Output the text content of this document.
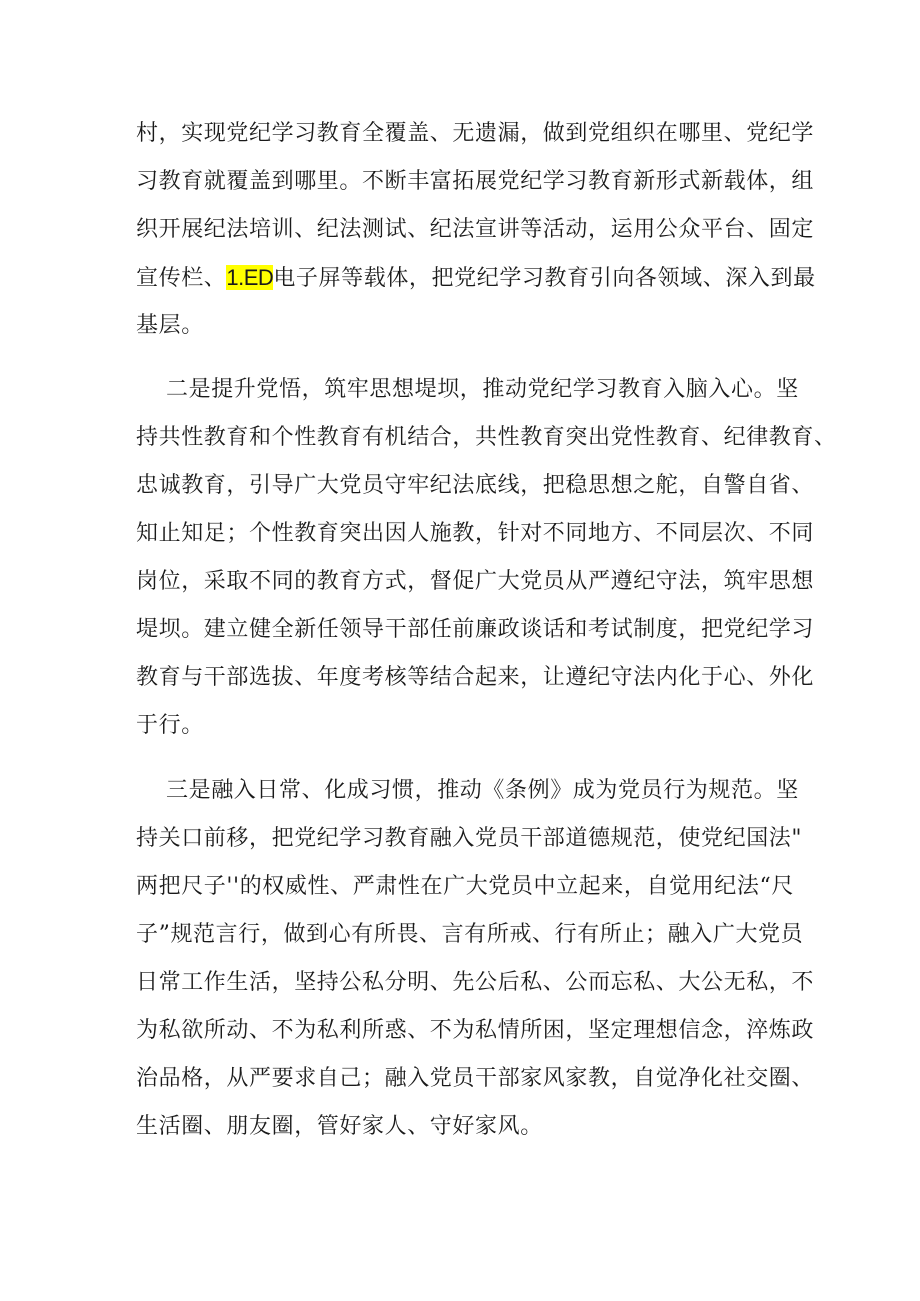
村，实现党纪学习教育全覆盖、无遗漏，做到党组织在哪里、党纪学
习教育就覆盖到哪里。不断丰富拓展党纪学习教育新形式新载体，组
织开展纪法培训、纪法测试、纪法宣讲等活动，运用公众平台、固定
宣传栏、1.ED电子屏等载体，把党纪学习教育引向各领域、深入到最
基层。
二是提升党悟，筑牢思想堤坝，推动党纪学习教育入脑入心。坚
持共性教育和个性教育有机结合，共性教育突出党性教育、纪律教育、
忠诚教育，引导广大党员守牢纪法底线，把稳思想之舵，自警自省、
知止知足；个性教育突出因人施教，针对不同地方、不同层次、不同
岗位，采取不同的教育方式，督促广大党员从严遵纪守法，筑牢思想
堤坝。建立健全新任领导干部任前廉政谈话和考试制度，把党纪学习
教育与干部选拔、年度考核等结合起来，让遵纪守法内化于心、外化
于行。
三是融入日常、化成习惯，推动《条例》成为党员行为规范。坚
持关口前移，把党纪学习教育融入党员干部道德规范，使党纪国法"
两把尺子''的权威性、严肃性在广大党员中立起来，自觉用纪法“尺
子”规范言行，做到心有所畏、言有所戒、行有所止；融入广大党员
日常工作生活，坚持公私分明、先公后私、公而忘私、大公无私，不
为私欲所动、不为私利所惑、不为私情所困，坚定理想信念，淬炼政
治品格，从严要求自己；融入党员干部家风家教，自觉净化社交圈、
生活圈、朋友圈，管好家人、守好家风。
